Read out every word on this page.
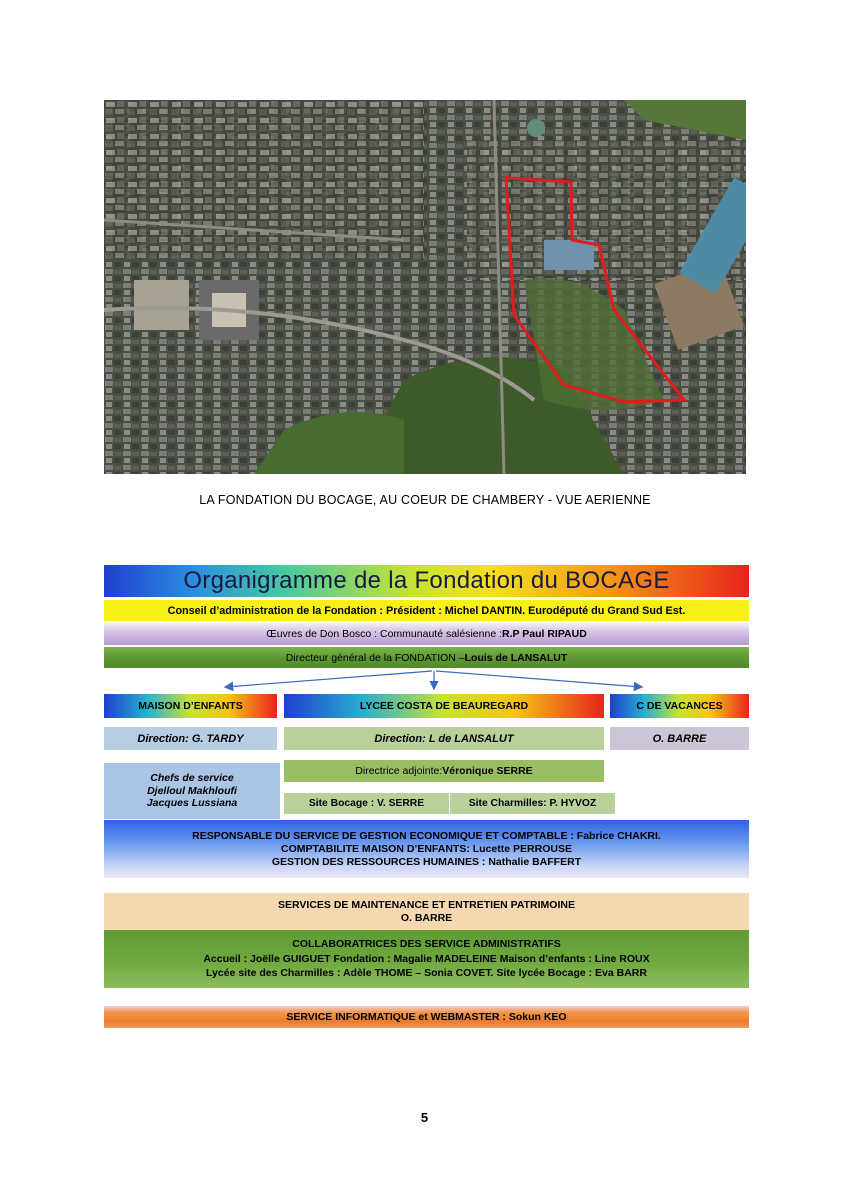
LA FONDATION DU BOCAGE, AU COEUR DE CHAMBERY - VUE AERIENNE
Organigramme de la Fondation du BOCAGE
Conseil d’administration de la Fondation : Président : Michel DANTIN. Eurodéputé du Grand Sud Est.
Œuvres de Don Bosco : Communauté salésienne : R.P Paul RIPAUD
Directeur général de la FONDATION – Louis de LANSALUT
MAISON D’ENFANTS	LYCEE COSTA DE BEAUREGARD	C DE VACANCES
Direction: G. TARDY	Direction: L de LANSALUT	O. BARRE
Chefs de service
Djelloul Makhloufi
Jacques Lussiana
Directrice adjointe: Véronique SERRE
Site Bocage : V. SERRE	Site Charmilles: P. HYVOZ
RESPONSABLE DU SERVICE DE GESTION ECONOMIQUE ET COMPTABLE : Fabrice CHAKRI.
COMPTABILITE MAISON D’ENFANTS: Lucette PERROUSE
GESTION DES RESSOURCES HUMAINES : Nathalie BAFFERT
SERVICES DE MAINTENANCE ET ENTRETIEN PATRIMOINE
O. BARRE
COLLABORATRICES DES SERVICE ADMINISTRATIFS
Accueil : Joëlle GUIGUET Fondation : Magalie MADELEINE Maison d’enfants : Line ROUX
Lycée site des Charmilles : Adèle THOME – Sonia COVET. Site lycée Bocage : Eva BARR
SERVICE INFORMATIQUE et WEBMASTER : Sokun KEO
5
